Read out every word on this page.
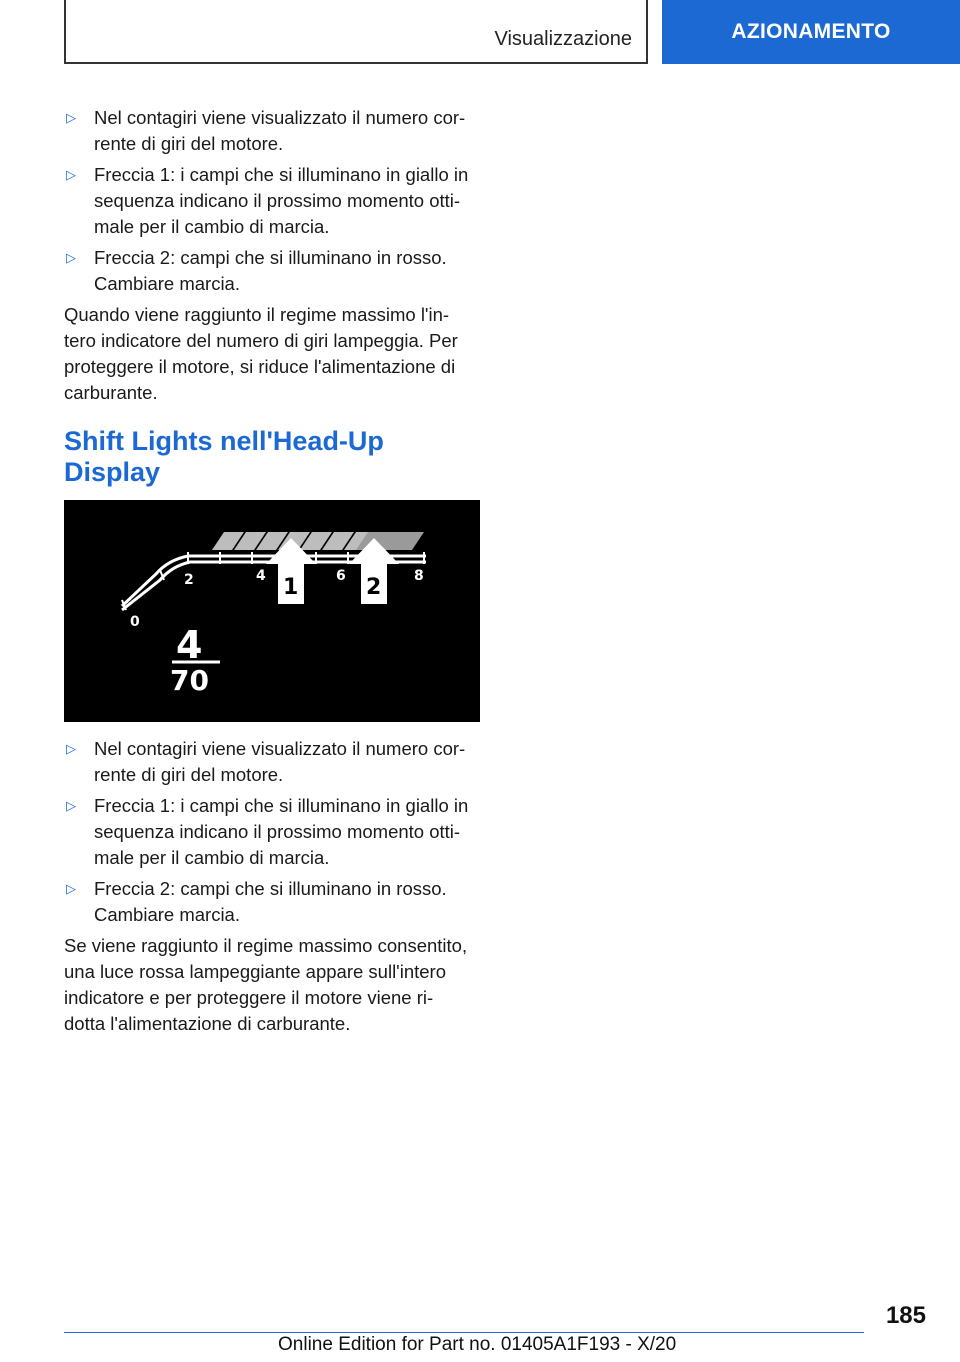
Visualizzazione	AZIONAMENTO
▷ Nel contagiri viene visualizzato il numero cor-
rente di giri del motore.
▷ Freccia 1: i campi che si illuminano in giallo in
sequenza indicano il prossimo momento otti-
male per il cambio di marcia.
▷ Freccia 2: campi che si illuminano in rosso.
Cambiare marcia.

Quando viene raggiunto il regime massimo l'in-
tero indicatore del numero di giri lampeggia. Per
proteggere il motore, si riduce l'alimentazione di
carburante.

Shift Lights nell'Head-Up
Display
0
2	4	6	8
1	2
4
70
▷ Nel contagiri viene visualizzato il numero cor-
rente di giri del motore.
▷ Freccia 1: i campi che si illuminano in giallo in
sequenza indicano il prossimo momento otti-
male per il cambio di marcia.
▷ Freccia 2: campi che si illuminano in rosso.
Cambiare marcia.

Se viene raggiunto il regime massimo consentito,
una luce rossa lampeggiante appare sull'intero
indicatore e per proteggere il motore viene ri-
dotta l'alimentazione di carburante.

185
Online Edition for Part no. 01405A1F193 - X/20
